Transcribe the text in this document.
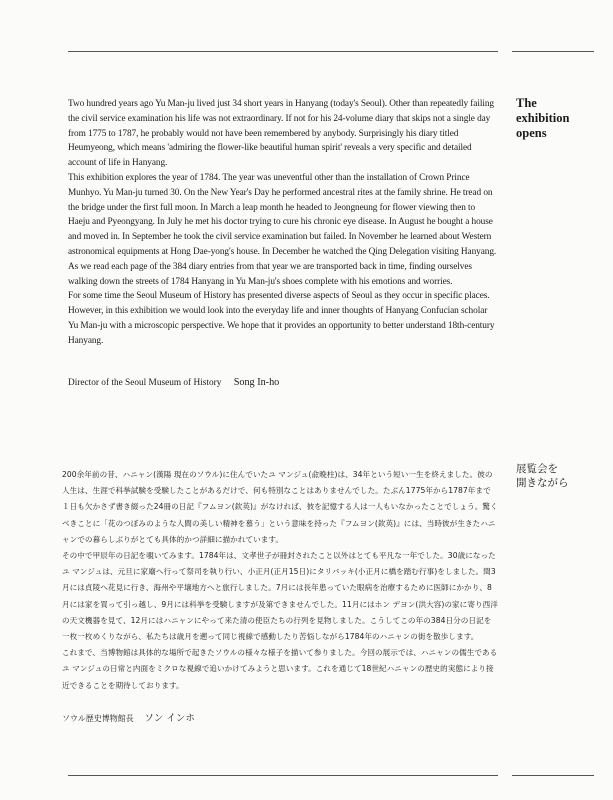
The
exhibition
opens

Two hundred years ago Yu Man-ju lived just 34 short years in Hanyang (today's Seoul). Other than repeatedly failing the civil service examination his life was not extraordinary. If not for his 24-volume diary that skips not a single day from 1775 to 1787, he probably would not have been remembered by anybody. Surprisingly his diary titled Heumyeong, which means 'admiring the flower-like beautiful human spirit' reveals a very specific and detailed account of life in Hanyang.

This exhibition explores the year of 1784. The year was uneventful other than the installation of Crown Prince Munhyo. Yu Man-ju turned 30. On the New Year's Day he performed ancestral rites at the family shrine. He tread on the bridge under the first full moon. In March a leap month he headed to Jeongneung for flower viewing then to Haeju and Pyeongyang. In July he met his doctor trying to cure his chronic eye disease. In August he bought a house and moved in. In September he took the civil service examination but failed. In November he learned about Western astronomical equipments at Hong Dae-yong's house. In December he watched the Qing Delegation visiting Hanyang. As we read each page of the 384 diary entries from that year we are transported back in time, finding ourselves walking down the streets of 1784 Hanyang in Yu Man-ju's shoes complete with his emotions and worries.

For some time the Seoul Museum of History has presented diverse aspects of Seoul as they occur in specific places. However, in this exhibition we would look into the everyday life and inner thoughts of Hanyang Confucian scholar Yu Man-ju with a microscopic perspective. We hope that it provides an opportunity to better understand 18th-century Hanyang.

Director of the Seoul Museum of History Song In-ho
展覧会を
開きながら

200余年前の昔、ハニャン(漢陽 現在のソウル)に住んでいたユ マンジュ(兪晩柱)は、34年という短い一生を終えました。彼の人生は、生涯で科挙試験を受験したことがあるだけで、何も特別なことはありませんでした。たぶん1775年から1787年まで１日も欠かさず書き綴った24冊の日記『フムヨン(欽英)』がなければ、彼を記憶する人は一人もいなかったことでしょう。驚くべきことに「花のつぼみのような人間の美しい精神を慕う」という意味を持った『フムヨン(欽英)』には、当時彼が生きたハニャンでの暮らしぶりがとても具体的かつ詳細に描かれています。

その中で甲辰年の日記を覗いてみます。1784年は、文孝世子が冊封されたこと以外はとても平凡な一年でした。30歳になったユ マンジュは、元旦に家廟へ行って祭司を執り行い、小正月(正月15日)にタリバッキ(小正月に橋を踏む行事)をしました。閏3月には貞陵へ花見に行き、海州や平壌地方へと旅行しました。7月には長年患っていた眼病を治療するために医師にかかり、8月には家を買って引っ越し、9月には科挙を受験しますが及第できませんでした。11月にはホン デヨン(洪大容)の家に寄り西洋の天文機器を見て、12月にはハニャンにやって来た清の使臣たちの行列を見物しました。こうしてこの年の384日分の日記を一枚一枚めくりながら、私たちは歳月を遡って同じ視線で感動したり苦悩しながら1784年のハニャンの街を散歩します。

これまで、当博物館は具体的な場所で起きたソウルの様々な様子を描いて参りました。今回の展示では、ハニャンの儒生であるユ マンジュの日常と内面をミクロな視線で追いかけてみようと思います。これを通じて18世紀ハニャンの歴史的実態により接近できることを期待しております。

ソウル歴史博物館長 ソン インホ
